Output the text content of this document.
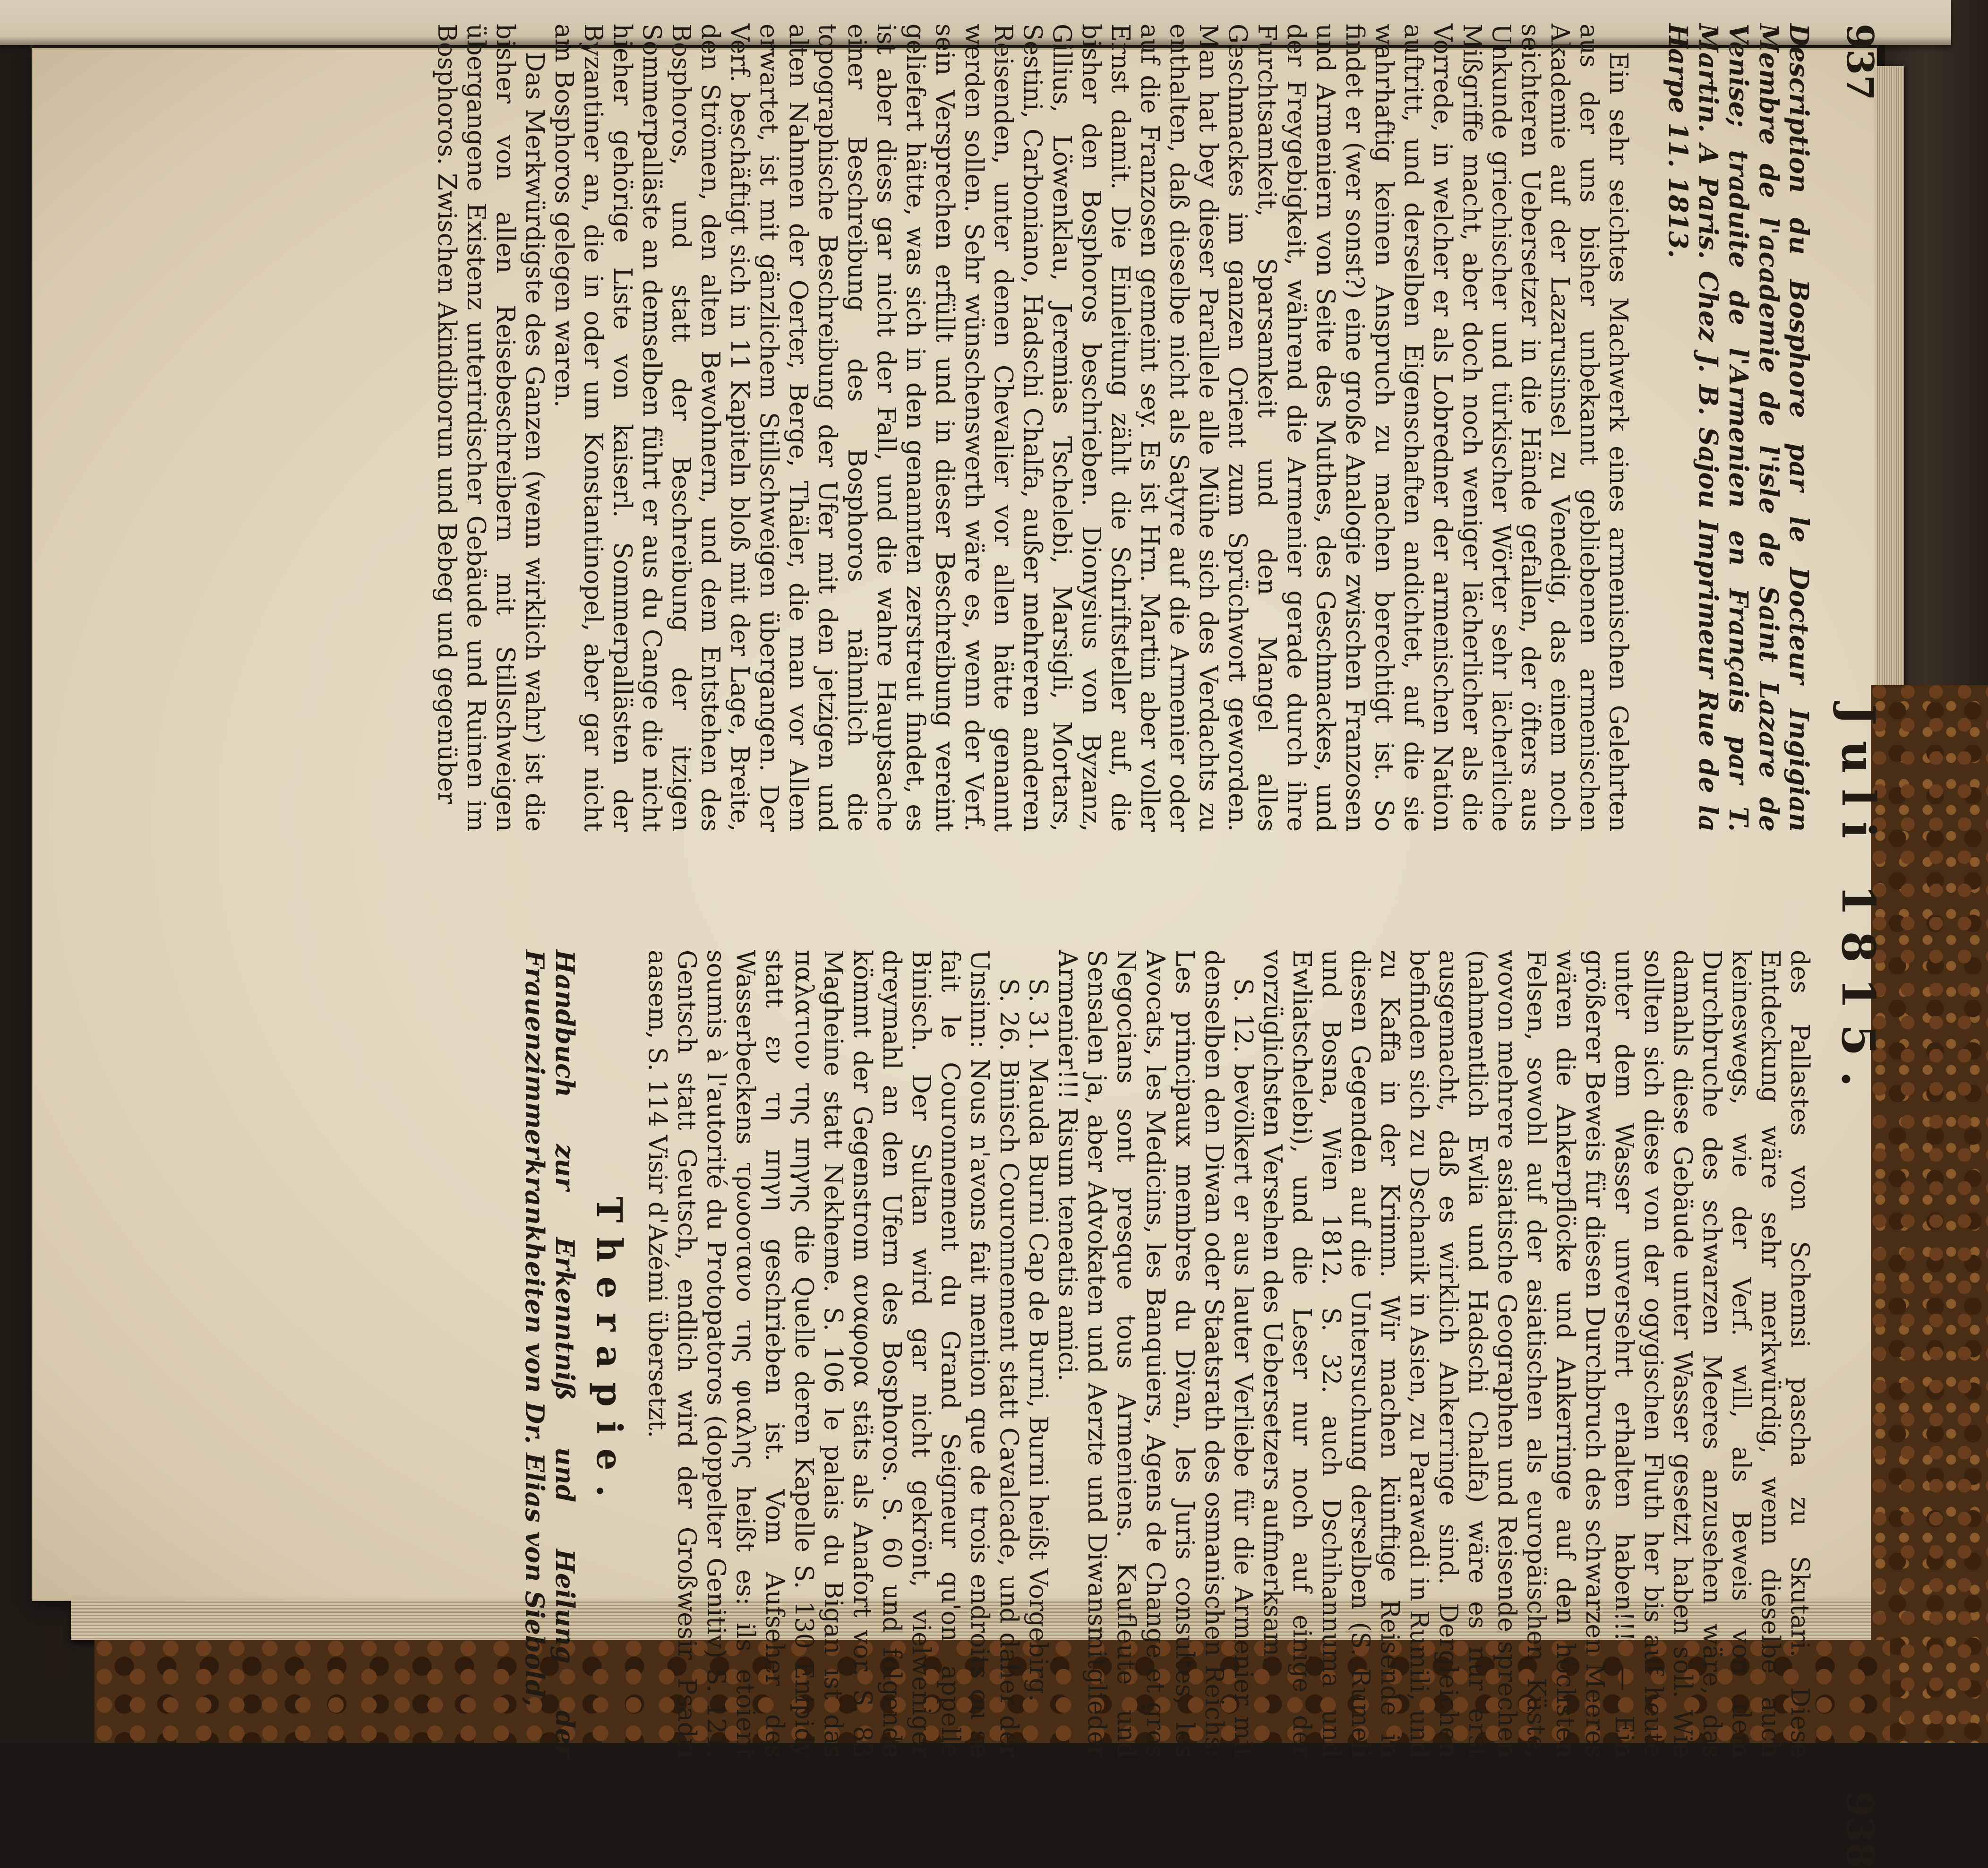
937
Juli 1815.
938

Description du Bosphore par le Docteur Ingigian Membre de l'academie de l'isle de Saint Lazare de Venise; traduite de l'Armenien en Français par T. Martin. A Paris. Chez J. B. Sajou Imprimeur Rue de la Harpe 11. 1813.

Ein sehr seichtes Machwerk eines armenischen Gelehrten aus der uns bisher unbekannt gebliebenen armenischen Akademie auf der Lazarusinsel zu Venedig, das einem noch seichteren Uebersetzer in die Hände gefallen, der öfters aus Unkunde griechischer und türkischer Wörter sehr lächerliche Mißgriffe macht, aber doch noch weniger lächerlicher als die Vorrede, in welcher er als Lobredner der armenischen Nation auftritt, und derselben Eigenschaften andichtet, auf die sie wahrhaftig keinen Anspruch zu machen berechtigt ist. So findet er (wer sonst?) eine große Analogie zwischen Franzosen und Armeniern von Seite des Muthes, des Geschmackes, und der Freygebigkeit, während die Armenier gerade durch ihre Furchtsamkeit, Sparsamkeit und den Mangel alles Geschmackes im ganzen Orient zum Sprüchwort geworden. Man hat bey dieser Parallele alle Mühe sich des Verdachts zu enthalten, daß dieselbe nicht als Satyre auf die Armenier oder auf die Franzosen gemeint sey. Es ist Hrn. Martin aber voller Ernst damit. Die Einleitung zählt die Schriftsteller auf, die bisher den Bosphoros beschrieben. Dionysius von Byzanz, Gillius, Löwenklau, Jeremias Tschelebi, Marsigli, Mortars, Sestini, Carboniano, Hadschi Chalfa, außer mehreren anderen Reisenden, unter denen Chevalier vor allen hätte genannt werden sollen. Sehr wünschenswerth wäre es, wenn der Verf. sein Versprechen erfüllt und in dieser Beschreibung vereint geliefert hätte, was sich in den genannten zerstreut findet, es ist aber diess gar nicht der Fall, und die wahre Hauptsache einer Beschreibung des Bosphoros nähmlich die topographische Beschreibung der Ufer mit den jetzigen und alten Nahmen der Oerter, Berge, Thäler, die man vor Allem erwartet, ist mit gänzlichem Stillschweigen übergangen. Der Verf. beschäftigt sich in 11 Kapiteln bloß mit der Lage, Breite, den Strömen, den alten Bewohnern, und dem Entstehen des Bosphoros, und statt der Beschreibung der itzigen Sommerpalläste an demselben führt er aus du Cange die nicht hieher gehörige Liste von kaiserl. Sommerpallästen der Byzantiner an, die in oder um Konstantinopel, aber gar nicht am Bosphoros gelegen waren.

Das Merkwürdigste des Ganzen (wenn wirklich wahr) ist die bisher von allen Reisebeschreibern mit Stillschweigen übergangene Existenz unterirdischer Gebäude und Ruinen im Bosphoros. Zwischen Akindiborun und Bebeg und gegenüber

des Pallastes von Schemsi pascha zu Skutari. Diese Entdeckung wäre sehr merkwürdig, wenn dieselbe auch keineswegs, wie der Verf. will, als Beweis von dem Durchbruche des schwarzen Meeres anzusehen wäre, das damahls diese Gebäude unter Wasser gesetzt haben soll. Wie sollten sich diese von der ogygischen Fluth her bis auf heute unter dem Wasser unversehrt erhalten haben!!! — Ein größerer Beweis für diesen Durchbruch des schwarzen Meeres wären die Ankerpflöcke und Ankerringe auf den höchsten Felsen, sowohl auf der asiatischen als europäischen Küste, wovon mehrere asiatische Geographen und Reisende sprechen (nahmentlich Ewlia und Hadschi Chalfa) wäre es nur erst ausgemacht, daß es wirklich Ankerringe sind. Dergleichen befinden sich zu Dschanik in Asien, zu Parawadi in Rumili, und zu Kaffa in der Krimm. Wir machen künftige Reisende in diesen Gegenden auf die Untersuchung derselben (S. Rumeli und Bosna, Wien 1812. S. 32. auch Dschihannuma und Ewliatschelebi), und die Leser nur noch auf einige der vorzüglichsten Versehen des Uebersetzers aufmerksam.

S. 12. bevölkert er aus lauter Verliebe für die Armenier mit denselben den Diwan oder Staatsrath des osmanischen Reichs: Les principaux membres du Divan, les Juris consultes, les Avocats, les Medicins, les Banquiers, Agens de Change et gros Negocians sont presque tous Armeniens. Kaufleute und Sensalen ja, aber Advokaten und Aerzte und Diwansmitglieder Armenier!!! Risum teneatis amici.

S. 31. Mauda Burni Cap de Burni, Burni heißt Vorgebirg.

S. 26. Binisch Couronnement statt Cavalcade, und daher der Unsinn: Nous n'avons fait mention que de trois endroits ou se fait le Couronnement du Grand Seigneur qu'on appelle Binisch. Der Sultan wird gar nicht gekrönt, vielweniger dreymahl an den Ufern des Bosphoros. S. 60 und folgende kömmt der Gegenstrom αναφορα stäts als Anafort vor. S. 83 Magheine statt Nekheme. S. 106 le palais du Bigan ist das παλατιον της πηγης die Quelle deren Kapelle S. 130 Enipidy statt εν τη πηγη geschrieben ist. Vom Aufseher des Wasserbeckens τρωοοτανο της φιαλης heißt es: ils etoient soumis à l'autorité du Protopatoros (doppelter Genitiv) S. 121. Gentsch statt Geutsch, endlich wird der Großwesir Psadri aasem, S. 114 Visir d'Azémi übersetzt.

Therapie.

Handbuch zur Erkenntniß und Heilung der Frauenzimmerkrankheiten von Dr. Elias von Siebold,
